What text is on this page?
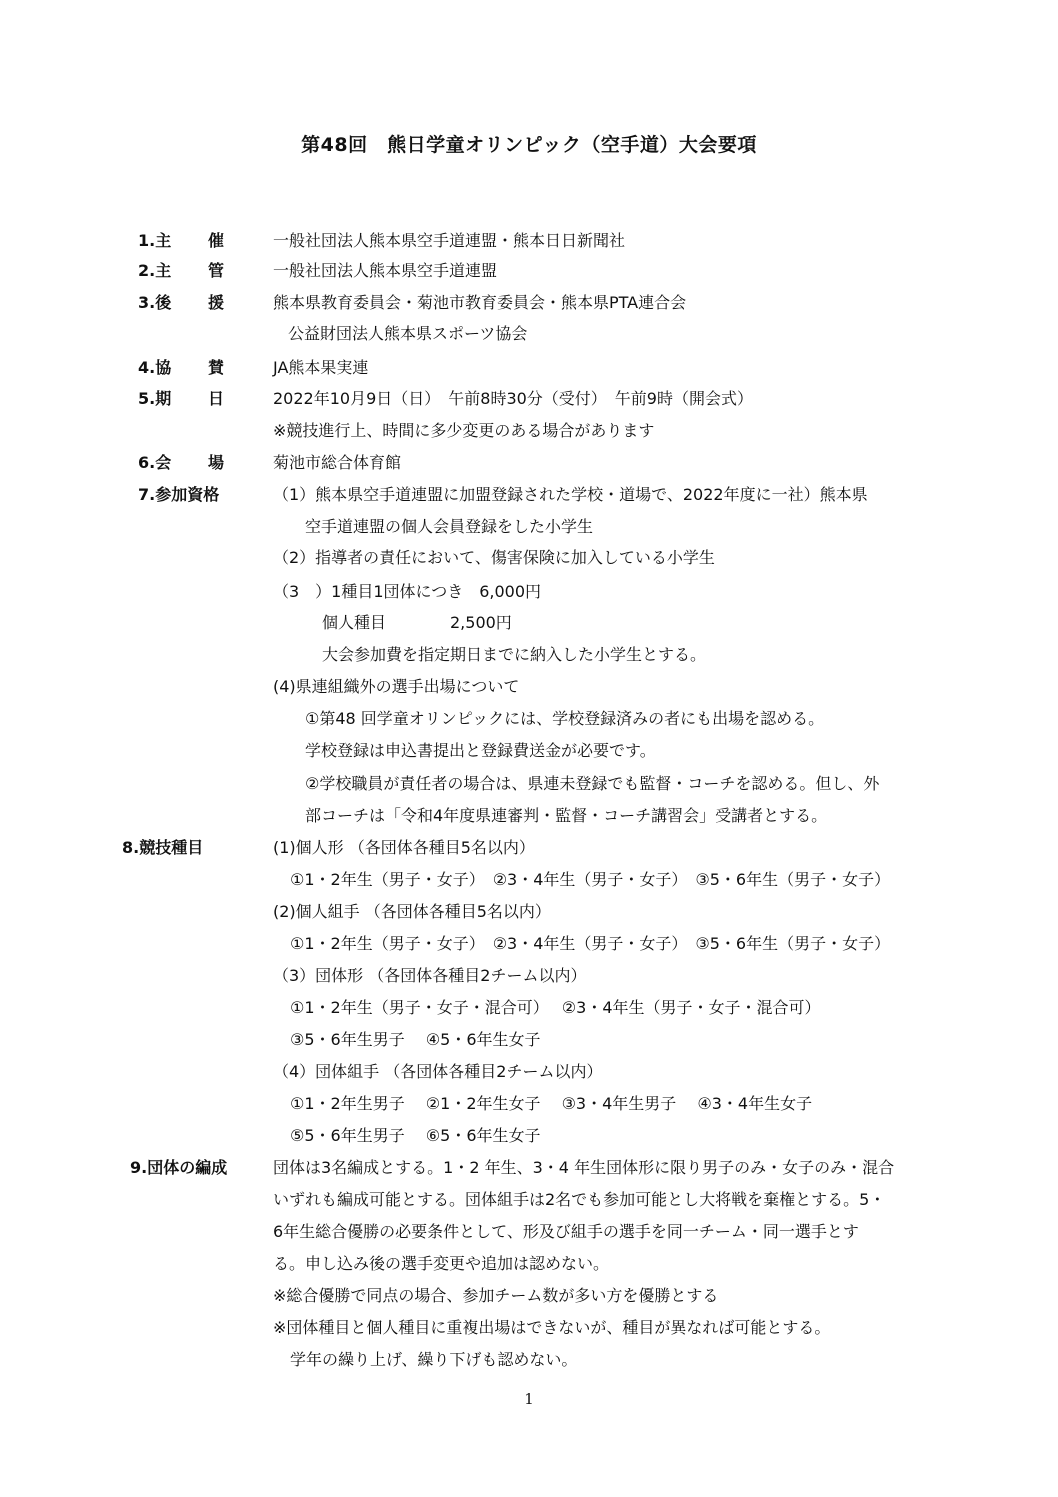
第48回　熊日学童オリンピック（空手道）大会要項
1.主 催	一般社団法人熊本県空手道連盟・熊本日日新聞社
2.主 管	一般社団法人熊本県空手道連盟
3.後 援	熊本県教育委員会・菊池市教育委員会・熊本県PTA連合会
公益財団法人熊本県スポーツ協会
4.協 賛	JA熊本果実連
5.期 日	2022年10月9日（日）　午前8時30分（受付）　午前9時（開会式）
※競技進行上、時間に多少変更のある場合があります
6.会 場	菊池市総合体育館
7.参加資格	（1）熊本県空手道連盟に加盟登録された学校・道場で、2022年度に一社）熊本県
空手道連盟の個人会員登録をした小学生
（2）指導者の責任において、傷害保険に加入している小学生
（3　）1種目1団体につき　6,000円
個人種目　　　　2,500円
大会参加費を指定期日までに納入した小学生とする。
(4)県連組織外の選手出場について
①第48 回学童オリンピックには、学校登録済みの者にも出場を認める。
学校登録は申込書提出と登録費送金が必要です。
②学校職員が責任者の場合は、県連未登録でも監督・コーチを認める。但し、外
部コーチは「令和4年度県連審判・監督・コーチ講習会」受講者とする。
8.競技種目	(1)個人形 （各団体各種目5名以内）
①1・2年生（男子・女子）　②3・4年生（男子・女子）　③5・6年生（男子・女子）
(2)個人組手 （各団体各種目5名以内）
①1・2年生（男子・女子）　②3・4年生（男子・女子）　③5・6年生（男子・女子）
（3）団体形 （各団体各種目2チーム以内）
①1・2年生（男子・女子・混合可）　 ②3・4年生（男子・女子・混合可）
③5・6年生男子　 ④5・6年生女子
（4）団体組手 （各団体各種目2チーム以内）
①1・2年生男子　 ②1・2年生女子　 ③3・4年生男子　 ④3・4年生女子
⑤5・6年生男子　 ⑥5・6年生女子
9.団体の編成	団体は3名編成とする。1・2 年生、3・4 年生団体形に限り男子のみ・女子のみ・混合
いずれも編成可能とする。団体組手は2名でも参加可能とし大将戦を棄権とする。5・
6年生総合優勝の必要条件として、形及び組手の選手を同一チーム・同一選手とす
る。申し込み後の選手変更や追加は認めない。
※総合優勝で同点の場合、参加チーム数が多い方を優勝とする
※団体種目と個人種目に重複出場はできないが、種目が異なれば可能とする。
学年の繰り上げ、繰り下げも認めない。
1
